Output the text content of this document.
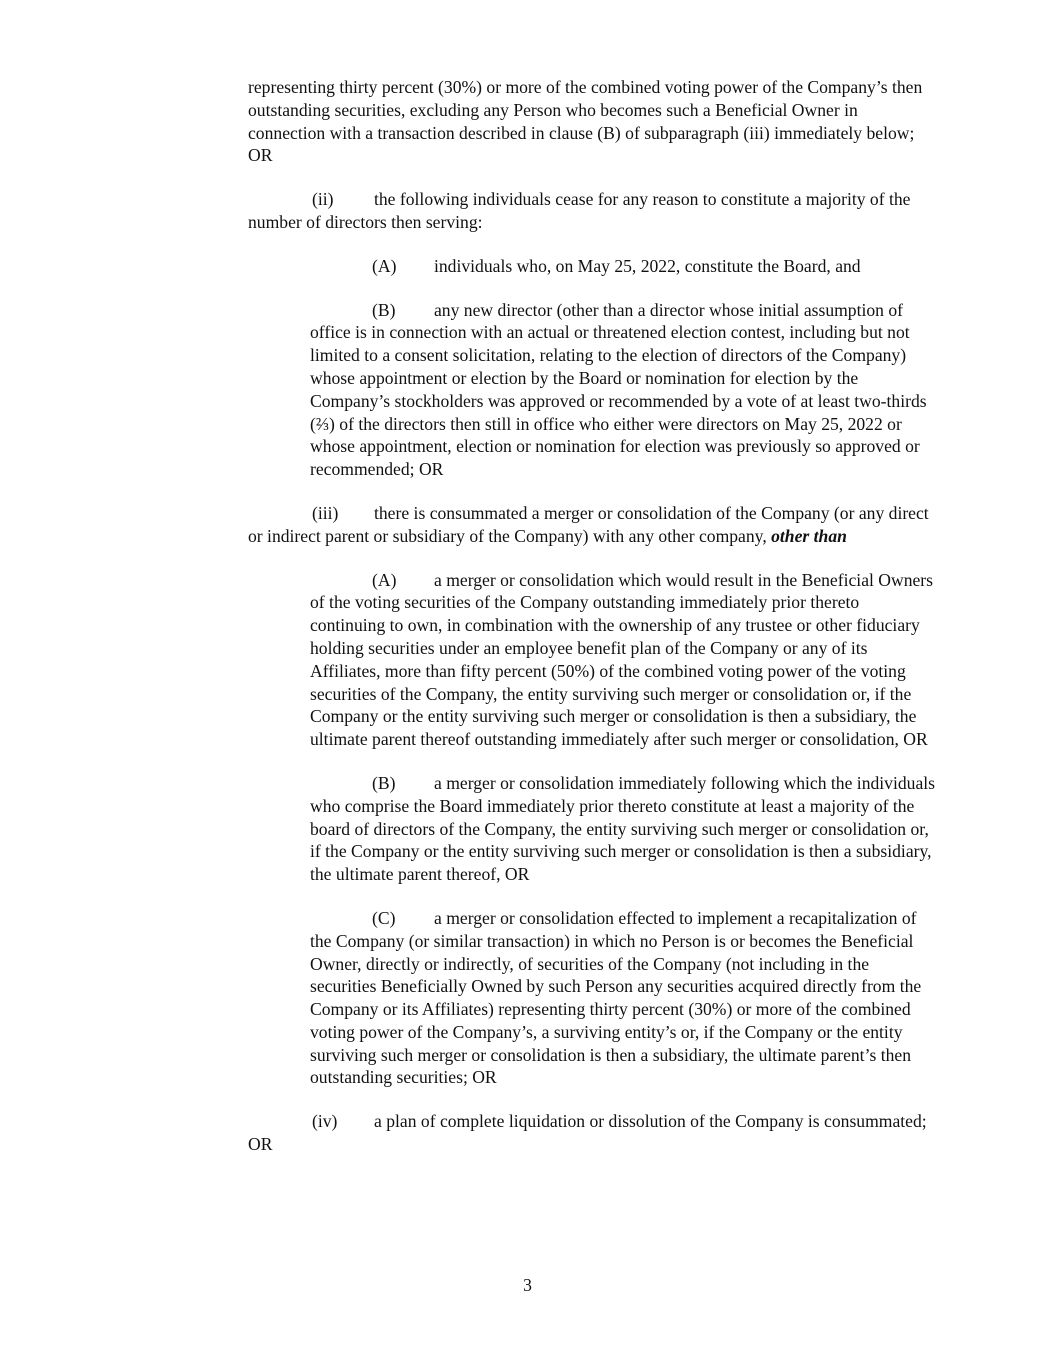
representing thirty percent (30%) or more of the combined voting power of the Company’s then outstanding securities, excluding any Person who becomes such a Beneficial Owner in connection with a transaction described in clause (B) of subparagraph (iii) immediately below; OR

(ii) the following individuals cease for any reason to constitute a majority of the number of directors then serving:

(A) individuals who, on May 25, 2022, constitute the Board, and

(B) any new director (other than a director whose initial assumption of office is in connection with an actual or threatened election contest, including but not limited to a consent solicitation, relating to the election of directors of the Company) whose appointment or election by the Board or nomination for election by the Company’s stockholders was approved or recommended by a vote of at least two-thirds (⅔) of the directors then still in office who either were directors on May 25, 2022 or whose appointment, election or nomination for election was previously so approved or recommended; OR

(iii) there is consummated a merger or consolidation of the Company (or any direct or indirect parent or subsidiary of the Company) with any other company, other than

(A) a merger or consolidation which would result in the Beneficial Owners of the voting securities of the Company outstanding immediately prior thereto continuing to own, in combination with the ownership of any trustee or other fiduciary holding securities under an employee benefit plan of the Company or any of its Affiliates, more than fifty percent (50%) of the combined voting power of the voting securities of the Company, the entity surviving such merger or consolidation or, if the Company or the entity surviving such merger or consolidation is then a subsidiary, the ultimate parent thereof outstanding immediately after such merger or consolidation, OR

(B) a merger or consolidation immediately following which the individuals who comprise the Board immediately prior thereto constitute at least a majority of the board of directors of the Company, the entity surviving such merger or consolidation or, if the Company or the entity surviving such merger or consolidation is then a subsidiary, the ultimate parent thereof, OR

(C) a merger or consolidation effected to implement a recapitalization of the Company (or similar transaction) in which no Person is or becomes the Beneficial Owner, directly or indirectly, of securities of the Company (not including in the securities Beneficially Owned by such Person any securities acquired directly from the Company or its Affiliates) representing thirty percent (30%) or more of the combined voting power of the Company’s, a surviving entity’s or, if the Company or the entity surviving such merger or consolidation is then a subsidiary, the ultimate parent’s then outstanding securities; OR

(iv) a plan of complete liquidation or dissolution of the Company is consummated; OR

3
